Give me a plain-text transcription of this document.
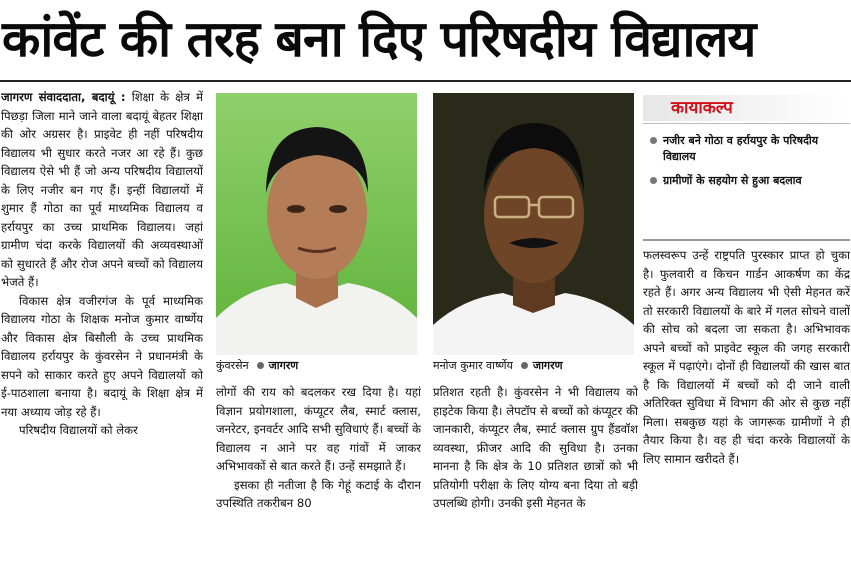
कांवेंट की तरह बना दिए परिषदीय विद्यालय

जागरण संवाददाता, बदायूं : शिक्षा के क्षेत्र में पिछड़ा जिला माने जाने वाला बदायूं बेहतर शिक्षा की ओर अग्रसर है। प्राइवेट ही नहीं परिषदीय विद्यालय भी सुधार करते नजर आ रहे हैं। कुछ विद्यालय ऐसे भी हैं जो अन्य परिषदीय विद्यालयों के लिए नजीर बन गए हैं। इन्हीं विद्यालयों में शुमार हैं गोठा का पूर्व माध्यमिक विद्यालय व हर्रायपुर का उच्च प्राथमिक विद्यालय। जहां ग्रामीण चंदा करके विद्यालयों की अव्यवस्थाओं को सुधारते हैं और रोज अपने बच्चों को विद्यालय भेजते हैं।

विकास क्षेत्र वजीरगंज के पूर्व माध्यमिक विद्यालय गोठा के शिक्षक मनोज कुमार वार्ष्णेय और विकास क्षेत्र बिसौली के उच्च प्राथमिक विद्यालय हर्रायपुर के कुंवरसेन ने प्रधानमंत्री के सपने को साकार करते हुए अपने विद्यालयों को ई-पाठशाला बनाया है। बदायूं के शिक्षा क्षेत्र में नया अध्याय जोड़ रहे हैं।

परिषदीय विद्यालयों को लेकर

कुंवरसेन जागरण	मनोज कुमार वार्ष्णेय जागरण

लोगों की राय को बदलकर रख दिया है। यहां विज्ञान प्रयोगशाला, कंप्यूटर लैब, स्मार्ट क्लास, जनरेटर, इनवर्टर आदि सभी सुविधाएं हैं। बच्चों के विद्यालय न आने पर वह गांवों में जाकर अभिभावकों से बात करते हैं। उन्हें समझाते हैं।

इसका ही नतीजा है कि गेहूं कटाई के दौरान उपस्थिति तकरीबन 80

प्रतिशत रहती है। कुंवरसेन ने भी विद्यालय को हाइटेक किया है। लेपटॉप से बच्चों को कंप्यूटर की जानकारी, कंप्यूटर लैब, स्मार्ट क्लास ग्रुप हैंडवॉश व्यवस्था, फ्रीजर आदि की सुविधा है। उनका मानना है कि क्षेत्र के 10 प्रतिशत छात्रों को भी प्रतियोगी परीक्षा के लिए योग्य बना दिया तो बड़ी उपलब्धि होगी। उनकी इसी मेहनत के

कायाकल्प
नजीर बने गोठा व हर्रायपुर के परिषदीय विद्यालय
ग्रामीणों के सहयोग से हुआ बदलाव

फलस्वरूप उन्हें राष्ट्रपति पुरस्कार प्राप्त हो चुका है। फुलवारी व किचन गार्डन आकर्षण का केंद्र रहते हैं। अगर अन्य विद्यालय भी ऐसी मेहनत करें तो सरकारी विद्यालयों के बारे में गलत सोचने वालों की सोच को बदला जा सकता है। अभिभावक अपने बच्चों को प्राइवेट स्कूल की जगह सरकारी स्कूल में पढ़ाएंगे। दोनों ही विद्यालयों की खास बात है कि विद्यालयों में बच्चों को दी जाने वाली अतिरिक्त सुविधा में विभाग की ओर से कुछ नहीं मिला। सबकुछ यहां के जागरूक ग्रामीणों ने ही तैयार किया है। वह ही चंदा करके विद्यालयों के लिए सामान खरीदते हैं।
